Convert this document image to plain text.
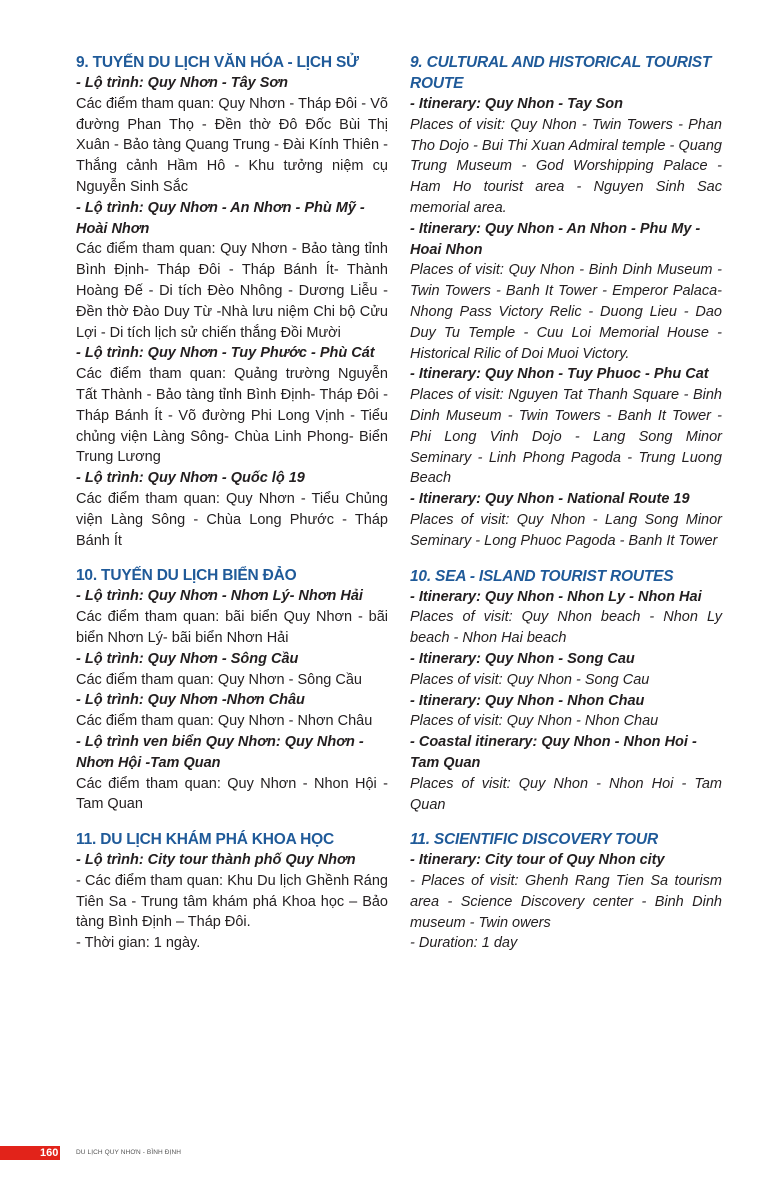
9. TUYẾN DU LỊCH VĂN HÓA - LỊCH SỬ
- Lộ trình: Quy Nhơn - Tây Sơn
Các điểm tham quan: Quy Nhơn - Tháp Đôi - Võ đường Phan Thọ - Đền thờ Đô Đốc Bùi Thị Xuân - Bảo tàng Quang Trung - Đài Kính Thiên - Thắng cảnh Hầm Hô - Khu tưởng niệm cụ Nguyễn Sinh Sắc
- Lộ trình: Quy Nhơn - An Nhơn - Phù Mỹ - Hoài Nhơn
Các điểm tham quan: Quy Nhơn - Bảo tàng tỉnh Bình Định- Tháp Đôi - Tháp Bánh Ít- Thành Hoàng Đế - Di tích Đèo Nhông - Dương Liễu - Đền thờ Đào Duy Từ -Nhà lưu niệm Chi bộ Cửu Lợi - Di tích lịch sử chiến thắng Đồi Mười
- Lộ trình: Quy Nhơn - Tuy Phước - Phù Cát
Các điểm tham quan: Quảng trường Nguyễn Tất Thành - Bảo tàng tỉnh Bình Định- Tháp Đôi - Tháp Bánh Ít - Võ đường Phi Long Vịnh - Tiểu chủng viện Làng Sông- Chùa Linh Phong- Biển Trung Lương
- Lộ trình: Quy Nhơn - Quốc lộ 19
Các điểm tham quan: Quy Nhơn - Tiểu Chủng viện Làng Sông - Chùa Long Phước - Tháp Bánh Ít
10. TUYẾN DU LỊCH BIỂN ĐẢO
- Lộ trình: Quy Nhơn - Nhơn Lý- Nhơn Hải
Các điểm tham quan: bãi biển Quy Nhơn - bãi biển Nhơn Lý- bãi biển Nhơn Hải
- Lộ trình: Quy Nhơn - Sông Cầu
Các điểm tham quan: Quy Nhơn - Sông Cầu
- Lộ trình: Quy Nhơn -Nhơn Châu
Các điểm tham quan: Quy Nhơn - Nhơn Châu
- Lộ trình ven biển Quy Nhơn: Quy Nhơn - Nhơn Hội -Tam Quan
Các điểm tham quan: Quy Nhơn - Nhon Hội - Tam Quan
11. DU LỊCH KHÁM PHÁ KHOA HỌC
- Lộ trình: City tour thành phố Quy Nhơn
- Các điểm tham quan: Khu Du lịch Ghềnh Ráng Tiên Sa - Trung tâm khám phá Khoa học – Bảo tàng Bình Định – Tháp Đôi.
- Thời gian: 1 ngày.
9. CULTURAL AND HISTORICAL TOURIST ROUTE
- Itinerary: Quy Nhon - Tay Son
Places of visit: Quy Nhon - Twin Towers - Phan Tho Dojo - Bui Thi Xuan Admiral temple - Quang Trung Museum - God Worshipping Palace - Ham Ho tourist area - Nguyen Sinh Sac memorial area.
- Itinerary: Quy Nhon - An Nhon - Phu My - Hoai Nhon
Places of visit: Quy Nhon - Binh Dinh Museum - Twin Towers - Banh It Tower - Emperor Palaca-Nhong Pass Victory Relic - Duong Lieu - Dao Duy Tu Temple - Cuu Loi Memorial House - Historical Rilic of Doi Muoi Victory.
- Itinerary: Quy Nhon - Tuy Phuoc - Phu Cat
Places of visit: Nguyen Tat Thanh Square - Binh Dinh Museum - Twin Towers - Banh It Tower - Phi Long Vinh Dojo - Lang Song Minor Seminary - Linh Phong Pagoda - Trung Luong Beach
- Itinerary: Quy Nhon - National Route 19
Places of visit: Quy Nhon - Lang Song Minor Seminary - Long Phuoc Pagoda - Banh It Tower
10. SEA - ISLAND TOURIST ROUTES
- Itinerary: Quy Nhon - Nhon Ly - Nhon Hai
Places of visit: Quy Nhon beach - Nhon Ly beach - Nhon Hai beach
- Itinerary: Quy Nhon - Song Cau
Places of visit: Quy Nhon - Song Cau
- Itinerary: Quy Nhon - Nhon Chau
Places of visit: Quy Nhon - Nhon Chau
- Coastal itinerary: Quy Nhon - Nhon Hoi - Tam Quan
Places of visit: Quy Nhon - Nhon Hoi - Tam Quan
11. SCIENTIFIC DISCOVERY TOUR
- Itinerary: City tour of Quy Nhon city
- Places of visit: Ghenh Rang Tien Sa tourism area - Science Discovery center - Binh Dinh museum - Twin owers
- Duration: 1 day
160	DU LỊCH QUY NHƠN - BÌNH ĐỊNH
